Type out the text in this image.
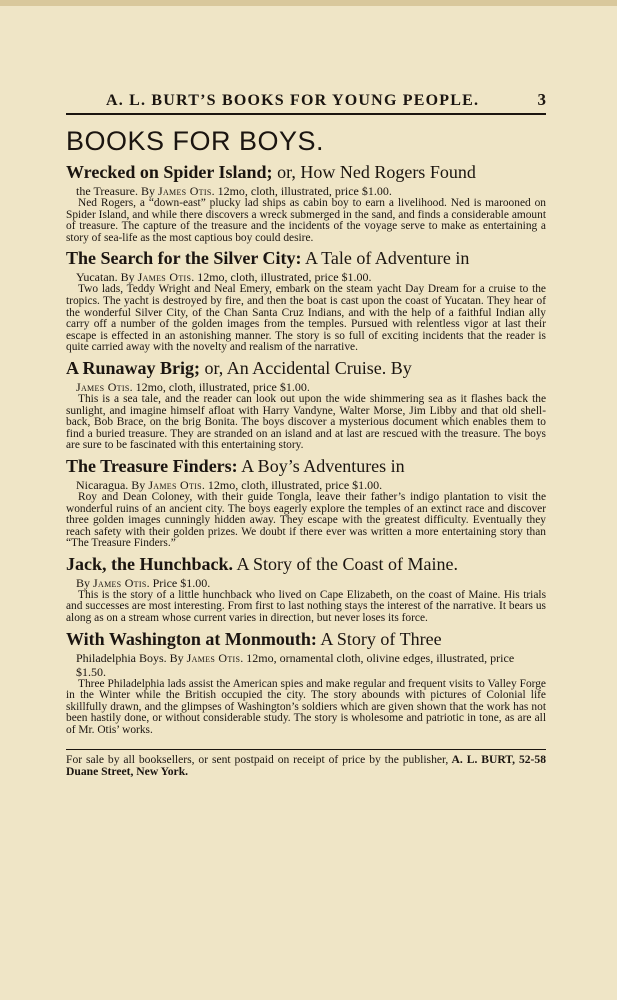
A. L. BURT’S BOOKS FOR YOUNG PEOPLE.	3
BOOKS FOR BOYS.
Wrecked on Spider Island; or, How Ned Rogers Found
the Treasure. By James Otis. 12mo, cloth, illustrated, price $1.00.

Ned Rogers, a “down-east” plucky lad ships as cabin boy to earn a livelihood. Ned is marooned on Spider Island, and while there discovers a wreck submerged in the sand, and finds a considerable amount of treasure. The capture of the treasure and the incidents of the voyage serve to make as entertaining a story of sea-life as the most captious boy could desire.

The Search for the Silver City: A Tale of Adventure in
Yucatan. By James Otis. 12mo, cloth, illustrated, price $1.00.

Two lads, Teddy Wright and Neal Emery, embark on the steam yacht Day Dream for a cruise to the tropics. The yacht is destroyed by fire, and then the boat is cast upon the coast of Yucatan. They hear of the wonderful Silver City, of the Chan Santa Cruz Indians, and with the help of a faithful Indian ally carry off a number of the golden images from the temples. Pursued with relentless vigor at last their escape is effected in an astonishing manner. The story is so full of exciting incidents that the reader is quite carried away with the novelty and realism of the narrative.

A Runaway Brig; or, An Accidental Cruise. By
James Otis. 12mo, cloth, illustrated, price $1.00.

This is a sea tale, and the reader can look out upon the wide shimmering sea as it flashes back the sunlight, and imagine himself afloat with Harry Vandyne, Walter Morse, Jim Libby and that old shell-back, Bob Brace, on the brig Bonita. The boys discover a mysterious document which enables them to find a buried treasure. They are stranded on an island and at last are rescued with the treasure. The boys are sure to be fascinated with this entertaining story.

The Treasure Finders: A Boy’s Adventures in
Nicaragua. By James Otis. 12mo, cloth, illustrated, price $1.00.

Roy and Dean Coloney, with their guide Tongla, leave their father’s indigo plantation to visit the wonderful ruins of an ancient city. The boys eagerly explore the temples of an extinct race and discover three golden images cunningly hidden away. They escape with the greatest difficulty. Eventually they reach safety with their golden prizes. We doubt if there ever was written a more entertaining story than “The Treasure Finders.”

Jack, the Hunchback. A Story of the Coast of Maine.
By James Otis. Price $1.00.

This is the story of a little hunchback who lived on Cape Elizabeth, on the coast of Maine. His trials and successes are most interesting. From first to last nothing stays the interest of the narrative. It bears us along as on a stream whose current varies in direction, but never loses its force.

With Washington at Monmouth: A Story of Three
Philadelphia Boys. By James Otis. 12mo, ornamental cloth, olivine edges, illustrated, price $1.50.

Three Philadelphia lads assist the American spies and make regular and frequent visits to Valley Forge in the Winter while the British occupied the city. The story abounds with pictures of Colonial life skillfully drawn, and the glimpses of Washington’s soldiers which are given shown that the work has not been hastily done, or without considerable study. The story is wholesome and patriotic in tone, as are all of Mr. Otis’ works.

For sale by all booksellers, or sent postpaid on receipt of price by the publisher, A. L. BURT, 52-58 Duane Street, New York.
